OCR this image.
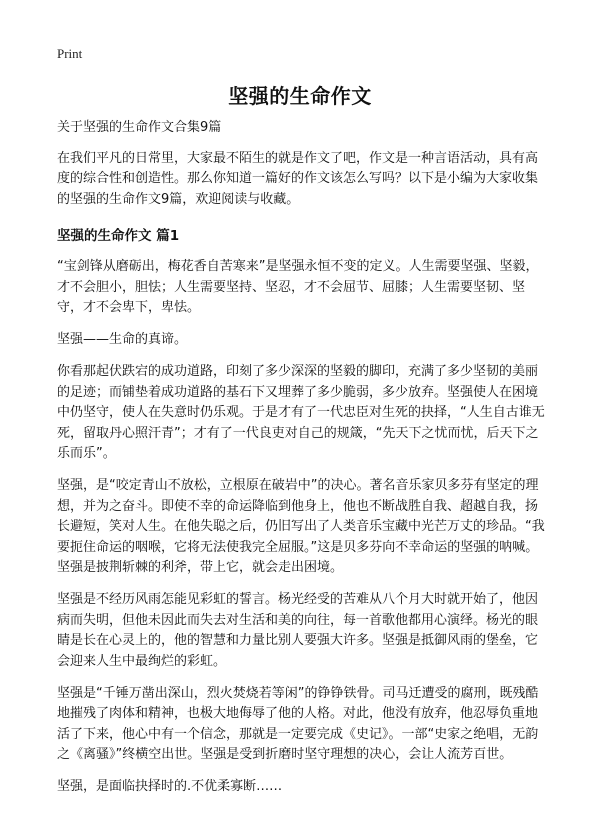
Print
坚强的生命作文

关于坚强的生命作文合集9篇

在我们平凡的日常里，大家最不陌生的就是作文了吧，作文是一种言语活动，具有高度的综合性和创造性。那么你知道一篇好的作文该怎么写吗？以下是小编为大家收集的坚强的生命作文9篇，欢迎阅读与收藏。

坚强的生命作文 篇1

“宝剑锋从磨砺出，梅花香自苦寒来”是坚强永恒不变的定义。人生需要坚强、坚毅，才不会胆小，胆怯；人生需要坚持、坚忍，才不会屈节、屈膝；人生需要坚韧、坚守，才不会卑下，卑怯。

坚强——生命的真谛。

你看那起伏跌宕的成功道路，印刻了多少深深的坚毅的脚印，充满了多少坚韧的美丽的足迹；而铺垫着成功道路的基石下又埋葬了多少脆弱，多少放弃。坚强使人在困境中仍坚守，使人在失意时仍乐观。于是才有了一代忠臣对生死的抉择，“人生自古谁无死，留取丹心照汗青”；才有了一代良吏对自己的规箴，“先天下之忧而忧，后天下之乐而乐”。

坚强，是“咬定青山不放松，立根原在破岩中”的决心。著名音乐家贝多芬有坚定的理想，并为之奋斗。即使不幸的命运降临到他身上，他也不断战胜自我、超越自我，扬长避短，笑对人生。在他失聪之后，仍旧写出了人类音乐宝藏中光芒万丈的珍品。“我要扼住命运的咽喉，它将无法使我完全屈服。”这是贝多芬向不幸命运的坚强的呐喊。坚强是披荆斩棘的利斧，带上它，就会走出困境。

坚强是不经历风雨怎能见彩虹的誓言。杨光经受的苦难从八个月大时就开始了，他因病而失明，但他未因此而失去对生活和美的向往，每一首歌他都用心演绎。杨光的眼睛是长在心灵上的，他的智慧和力量比别人要强大许多。坚强是抵御风雨的堡垒，它会迎来人生中最绚烂的彩虹。

坚强是“千锤万凿出深山，烈火焚烧若等闲”的铮铮铁骨。司马迁遭受的腐刑，既残酷地摧残了肉体和精神，也极大地侮辱了他的人格。对此，他没有放弃，他忍辱负重地活了下来，他心中有一个信念，那就是一定要完成《史记》。一部“史家之绝唱，无韵之《离骚》”终横空出世。坚强是受到折磨时坚守理想的决心，会让人流芳百世。

坚强，是面临抉择时的.不优柔寡断……
